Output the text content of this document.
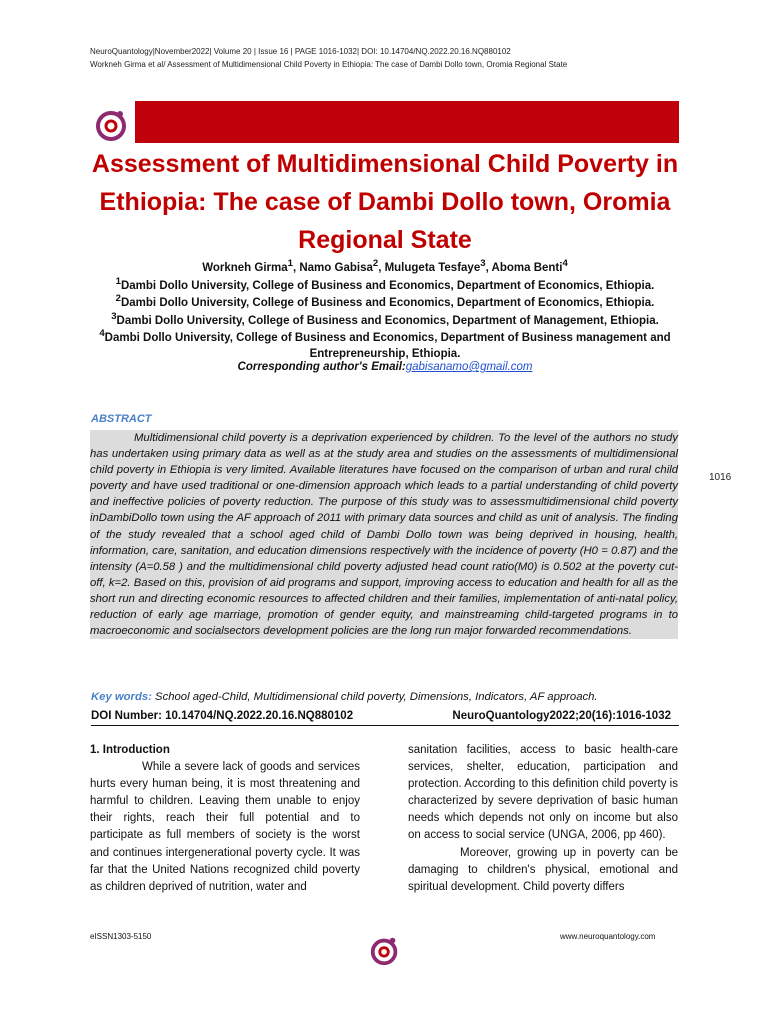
NeuroQuantology|November2022| Volume 20 | Issue 16 | PAGE 1016-1032| DOI: 10.14704/NQ.2022.20.16.NQ880102
Workneh Girma et al/ Assessment of Multidimensional Child Poverty in Ethiopia: The case of Dambi Dollo town, Oromia Regional State
Assessment of Multidimensional Child Poverty in Ethiopia: The case of Dambi Dollo town, Oromia Regional State
Workneh Girma$^1$, Namo Gabisa$^2$, Mulugeta Tesfaye$^3$, Aboma Benti$^4$
$^1$Dambi Dollo University, College of Business and Economics, Department of Economics, Ethiopia.
$^2$Dambi Dollo University, College of Business and Economics, Department of Economics, Ethiopia.
$^3$Dambi Dollo University, College of Business and Economics, Department of Management, Ethiopia.
$^4$Dambi Dollo University, College of Business and Economics, Department of Business management and Entrepreneurship, Ethiopia.
Corresponding author's Email:gabisanamo@gmail.com
ABSTRACT
Multidimensional child poverty is a deprivation experienced by children. To the level of the authors no study has undertaken using primary data as well as at the study area and studies on the assessments of multidimensional child poverty in Ethiopia is very limited. Available literatures have focused on the comparison of urban and rural child poverty and have used traditional or one-dimension approach which leads to a partial understanding of child poverty and ineffective policies of poverty reduction. The purpose of this study was to assessmultidimensional child poverty inDambiDollo town using the AF approach of 2011 with primary data sources and child as unit of analysis. The finding of the study revealed that a school aged child of Dambi Dollo town was being deprived in housing, health, information, care, sanitation, and education dimensions respectively with the incidence of poverty (H0 = 0.87) and the intensity (A=0.58 ) and the multidimensional child poverty adjusted head count ratio(M0) is 0.502 at the poverty cut-off, k=2. Based on this, provision of aid programs and support, improving access to education and health for all as the short run and directing economic resources to affected children and their families, implementation of anti-natal policy, reduction of early age marriage, promotion of gender equity, and mainstreaming child-targeted programs in to macroeconomic and socialsectors development policies are the long run major forwarded recommendations.
1016
Key words: School aged-Child, Multidimensional child poverty, Dimensions, Indicators, AF approach.
DOI Number: 10.14704/NQ.2022.20.16.NQ880102	NeuroQuantology2022;20(16):1016-1032

1. Introduction

While a severe lack of goods and services hurts every human being, it is most threatening and harmful to children. Leaving them unable to enjoy their rights, reach their full potential and to participate as full members of society is the worst and continues intergenerational poverty cycle. It was far that the United Nations recognized child poverty as children deprived of nutrition, water and

sanitation facilities, access to basic health-care services, shelter, education, participation and protection. According to this definition child poverty is characterized by severe deprivation of basic human needs which depends not only on income but also on access to social service (UNGA, 2006, pp 460).

Moreover, growing up in poverty can be damaging to children's physical, emotional and spiritual development. Child poverty differs

eISSN1303-5150	www.neuroquantology.com
